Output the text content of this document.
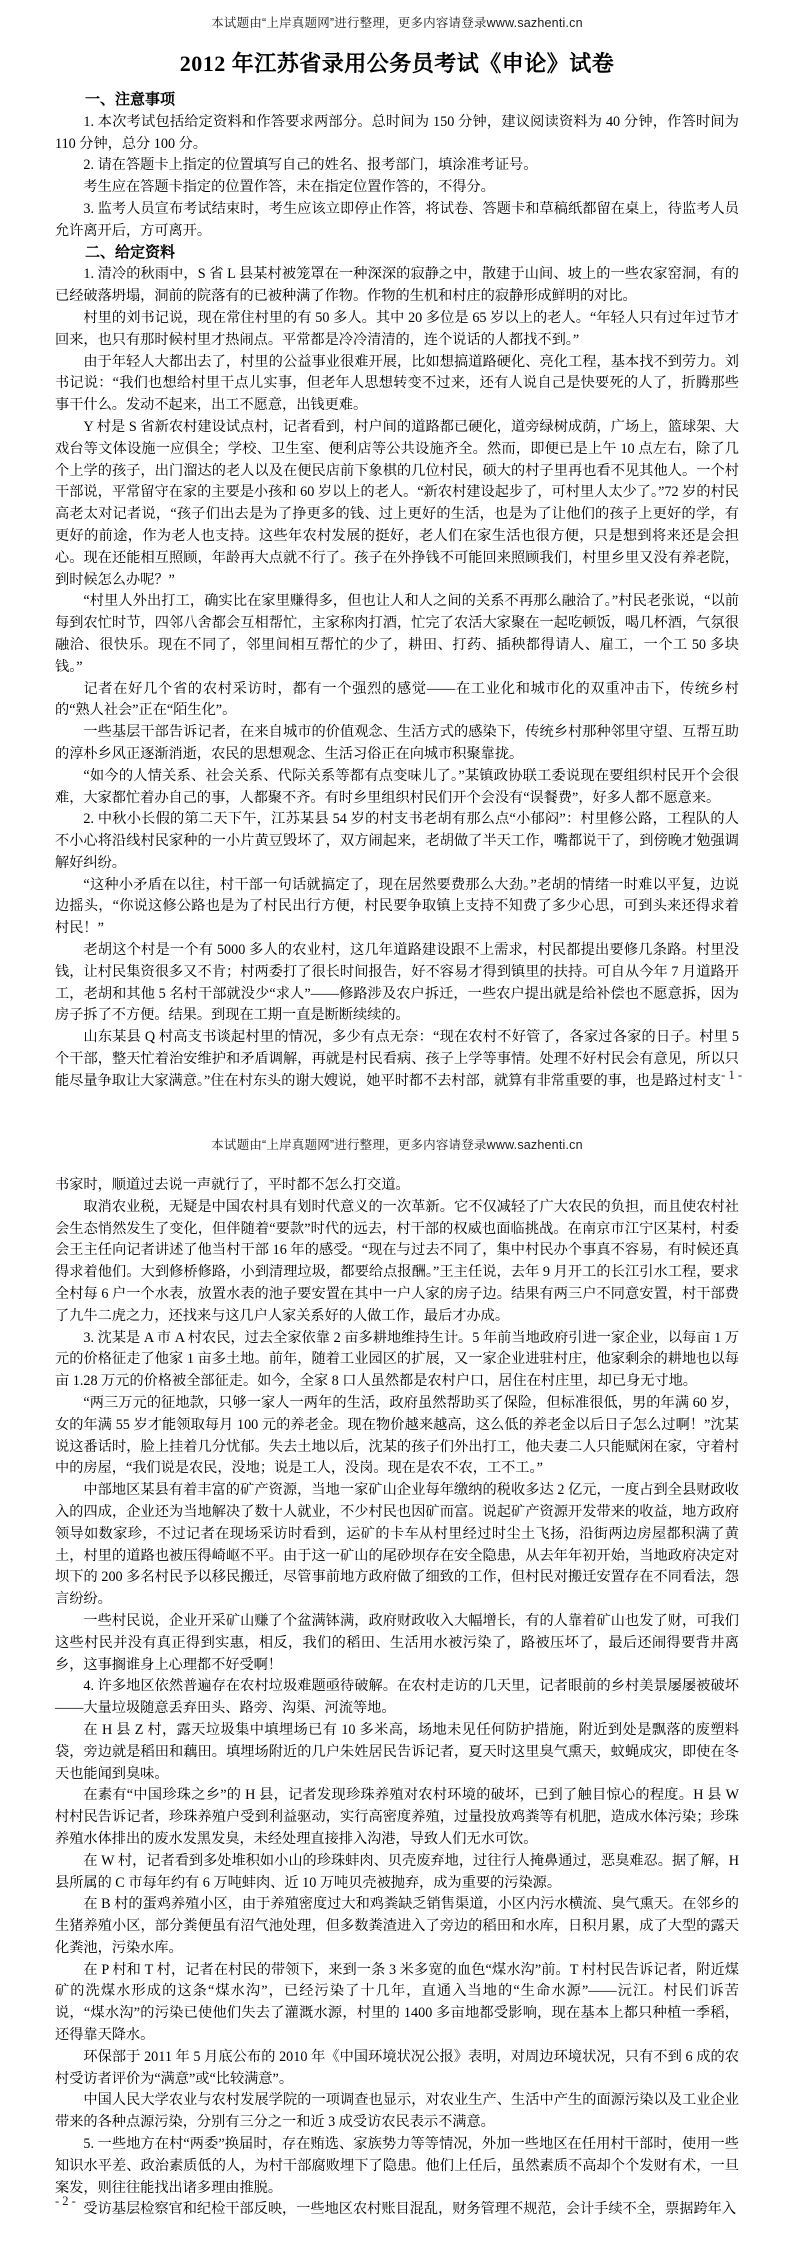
本试题由“上岸真题网”进行整理，更多内容请登录www.sazhenti.cn
2012 年江苏省录用公务员考试《申论》试卷

一、注意事项

1. 本次考试包括给定资料和作答要求两部分。总时间为 150 分钟，建议阅读资料为 40 分钟，作答时间为 110 分钟，总分 100 分。

2. 请在答题卡上指定的位置填写自己的姓名、报考部门，填涂准考证号。

考生应在答题卡指定的位置作答，未在指定位置作答的，不得分。

3. 监考人员宣布考试结束时，考生应该立即停止作答，将试卷、答题卡和草稿纸都留在桌上，待监考人员允许离开后，方可离开。

二、给定资料

1. 清冷的秋雨中，S 省 L 县某村被笼罩在一种深深的寂静之中，散建于山间、坡上的一些农家窑洞，有的已经破落坍塌，洞前的院落有的已被种满了作物。作物的生机和村庄的寂静形成鲜明的对比。

村里的刘书记说，现在常住村里的有 50 多人。其中 20 多位是 65 岁以上的老人。“年轻人只有过年过节才回来，也只有那时候村里才热闹点。平常都是冷冷清清的，连个说话的人都找不到。”

由于年轻人大都出去了，村里的公益事业很难开展，比如想搞道路硬化、亮化工程，基本找不到劳力。刘书记说：“我们也想给村里干点儿实事，但老年人思想转变不过来，还有人说自己是快要死的人了，折腾那些事干什么。发动不起来，出工不愿意，出钱更难。

Y 村是 S 省新农村建设试点村，记者看到，村户间的道路都已硬化，道旁绿树成荫，广场上，篮球架、大戏台等文体设施一应俱全；学校、卫生室、便利店等公共设施齐全。然而，即便已是上午 10 点左右，除了几个上学的孩子，出门溜达的老人以及在便民店前下象棋的几位村民，硕大的村子里再也看不见其他人。一个村干部说，平常留守在家的主要是小孩和 60 岁以上的老人。“新农村建设起步了，可村里人太少了。”72 岁的村民高老太对记者说，“孩子们出去是为了挣更多的钱、过上更好的生活，也是为了让他们的孩子上更好的学，有更好的前途，作为老人也支持。这些年农村发展的挺好，老人们在家生活也很方便，只是想到将来还是会担心。现在还能相互照顾，年龄再大点就不行了。孩子在外挣钱不可能回来照顾我们，村里乡里又没有养老院，到时候怎么办呢？”

“村里人外出打工，确实比在家里赚得多，但也让人和人之间的关系不再那么融洽了。”村民老张说，“以前每到农忙时节，四邻八舍都会互相帮忙，主家称肉打酒，忙完了农活大家聚在一起吃顿饭，喝几杯酒，气氛很融洽、很快乐。现在不同了，邻里间相互帮忙的少了，耕田、打药、插秧都得请人、雇工，一个工 50 多块钱。”

记者在好几个省的农村采访时，都有一个强烈的感觉——在工业化和城市化的双重冲击下，传统乡村的“熟人社会”正在“陌生化”。

一些基层干部告诉记者，在来自城市的价值观念、生活方式的感染下，传统乡村那种邻里守望、互帮互助的淳朴乡风正逐渐消逝，农民的思想观念、生活习俗正在向城市积聚靠拢。

“如今的人情关系、社会关系、代际关系等都有点变味儿了。”某镇政协联工委说现在要组织村民开个会很难，大家都忙着办自己的事，人都聚不齐。有时乡里组织村民们开个会没有“误餐费”，好多人都不愿意来。

2. 中秋小长假的第二天下午，江苏某县 54 岁的村支书老胡有那么点“小郁闷”：村里修公路，工程队的人不小心将沿线村民家种的一小片黄豆毁坏了，双方闹起来，老胡做了半天工作，嘴都说干了，到傍晚才勉强调解好纠纷。

“这种小矛盾在以往，村干部一句话就搞定了，现在居然要费那么大劲。”老胡的情绪一时难以平复，边说边摇头，“你说这修公路也是为了村民出行方便，村民要争取镇上支持不知费了多少心思，可到头来还得求着村民！”

老胡这个村是一个有 5000 多人的农业村，这几年道路建设跟不上需求，村民都提出要修几条路。村里没钱，让村民集资很多又不肯；村两委打了很长时间报告，好不容易才得到镇里的扶持。可自从今年 7 月道路开工，老胡和其他 5 名村干部就没少“求人”——修路涉及农户拆迁，一些农户提出就是给补偿也不愿意拆，因为房子拆了不方便。结果。到现在工期一直是断断续续的。

山东某县 Q 村高支书谈起村里的情况，多少有点无奈：“现在农村不好管了，各家过各家的日子。村里 5 个干部，整天忙着治安维护和矛盾调解，再就是村民看病、孩子上学等事情。处理不好村民会有意见，所以只能尽量争取让大家满意。”住在村东头的谢大嫂说，她平时都不去村部，就算有非常重要的事，也是路过村支 - 1 -
本试题由“上岸真题网”进行整理，更多内容请登录www.sazhenti.cn

书家时，顺道过去说一声就行了，平时都不怎么打交道。

取消农业税，无疑是中国农村具有划时代意义的一次革新。它不仅减轻了广大农民的负担，而且使农村社会生态悄然发生了变化，但伴随着“要款”时代的远去，村干部的权威也面临挑战。在南京市江宁区某村，村委会王主任向记者讲述了他当村干部 16 年的感受。“现在与过去不同了，集中村民办个事真不容易，有时候还真得求着他们。大到修桥修路，小到清理垃圾，都要给点报酬。”王主任说，去年 9 月开工的长江引水工程，要求全村每 6 户一个水表，放置水表的池子要安置在其中一户人家的房子边。结果有两三户不同意安置，村干部费了九牛二虎之力，还找来与这几户人家关系好的人做工作，最后才办成。

3. 沈某是 A 市 A 村农民，过去全家依靠 2 亩多耕地维持生计。5 年前当地政府引进一家企业，以每亩 1 万元的价格征走了他家 1 亩多土地。前年，随着工业园区的扩展，又一家企业进驻村庄，他家剩余的耕地也以每亩 1.28 万元的价格被全部征走。如今，全家 8 口人虽然都是农村户口，居住在村庄里，却已身无寸地。

“两三万元的征地款，只够一家人一两年的生活，政府虽然帮助买了保险，但标准很低，男的年满 60 岁，女的年满 55 岁才能领取每月 100 元的养老金。现在物价越来越高，这么低的养老金以后日子怎么过啊！”沈某说这番话时，脸上挂着几分忧郁。失去土地以后，沈某的孩子们外出打工，他夫妻二人只能赋闲在家，守着村中的房屋，“我们说是农民，没地；说是工人，没岗。现在是农不农，工不工。”

中部地区某县有着丰富的矿产资源，当地一家矿山企业每年缴纳的税收多达 2 亿元，一度占到全县财政收入的四成，企业还为当地解决了数十人就业，不少村民也因矿而富。说起矿产资源开发带来的收益，地方政府领导如数家珍，不过记者在现场采访时看到，运矿的卡车从村里经过时尘土飞扬，沿街两边房屋都积满了黄土，村里的道路也被压得崎岖不平。由于这一矿山的尾砂坝存在安全隐患，从去年年初开始，当地政府决定对坝下的 200 多名村民予以移民搬迁，尽管事前地方政府做了细致的工作，但村民对搬迁安置存在不同看法，怨言纷纷。

一些村民说，企业开采矿山赚了个盆满钵满，政府财政收入大幅增长，有的人靠着矿山也发了财，可我们这些村民并没有真正得到实惠，相反，我们的稻田、生活用水被污染了，路被压坏了，最后还闹得要背井离乡，这事搁谁身上心理都不好受啊！

4. 许多地区依然普遍存在农村垃圾难题亟待破解。在农村走访的几天里，记者眼前的乡村美景屡屡被破坏——大量垃圾随意丢弃田头、路旁、沟渠、河流等地。

在 H 县 Z 村，露天垃圾集中填埋场已有 10 多米高，场地未见任何防护措施，附近到处是飘落的废塑料袋，旁边就是稻田和藕田。填埋场附近的几户朱姓居民告诉记者，夏天时这里臭气熏天，蚊蝇成灾，即使在冬天也能闻到臭味。

在素有“中国珍珠之乡”的 H 县，记者发现珍珠养殖对农村环境的破坏，已到了触目惊心的程度。H 县 W 村村民告诉记者，珍珠养殖户受到利益驱动，实行高密度养殖，过量投放鸡粪等有机肥，造成水体污染；珍珠养殖水体排出的废水发黑发臭，未经处理直接排入沟港，导致人们无水可饮。

在 W 村，记者看到多处堆积如小山的珍珠蚌肉、贝壳废弃地，过往行人掩鼻通过，恶臭难忍。据了解，H 县所属的 C 市每年约有 6 万吨蚌肉、近 10 万吨贝壳被抛弃，成为重要的污染源。

在 B 村的蛋鸡养殖小区，由于养殖密度过大和鸡粪缺乏销售渠道，小区内污水横流、臭气熏天。在邻乡的生猪养殖小区，部分粪便虽有沼气池处理，但多数粪渣进入了旁边的稻田和水库，日积月累，成了大型的露天化粪池，污染水库。

在 P 村和 T 村，记者在村民的带领下，来到一条 3 米多宽的血色“煤水沟”前。T 村村民告诉记者，附近煤矿的洗煤水形成的这条“煤水沟”，已经污染了十几年，直通入当地的“生命水源”——沅江。村民们诉苦说，“煤水沟”的污染已使他们失去了灌溉水源，村里的 1400 多亩地都受影响，现在基本上都只种植一季稻，还得靠天降水。

环保部于 2011 年 5 月底公布的 2010 年《中国环境状况公报》表明，对周边环境状况，只有不到 6 成的农村受访者评价为“满意”或“比较满意”。

中国人民大学农业与农村发展学院的一项调查也显示，对农业生产、生活中产生的面源污染以及工业企业带来的各种点源污染，分别有三分之一和近 3 成受访农民表示不满意。

5. 一些地方在村“两委”换届时，存在贿选、家族势力等等情况，外加一些地区在任用村干部时，使用一些知识水平差、政治素质低的人，为村干部腐败埋下了隐患。他们上任后，虽然素质不高却个个发财有术，一旦案发，则往往能找出诸多理由推脱。

受访基层检察官和纪检干部反映，一些地区农村账目混乱，财务管理不规范，会计手续不全，票据跨年入

- 2 -
